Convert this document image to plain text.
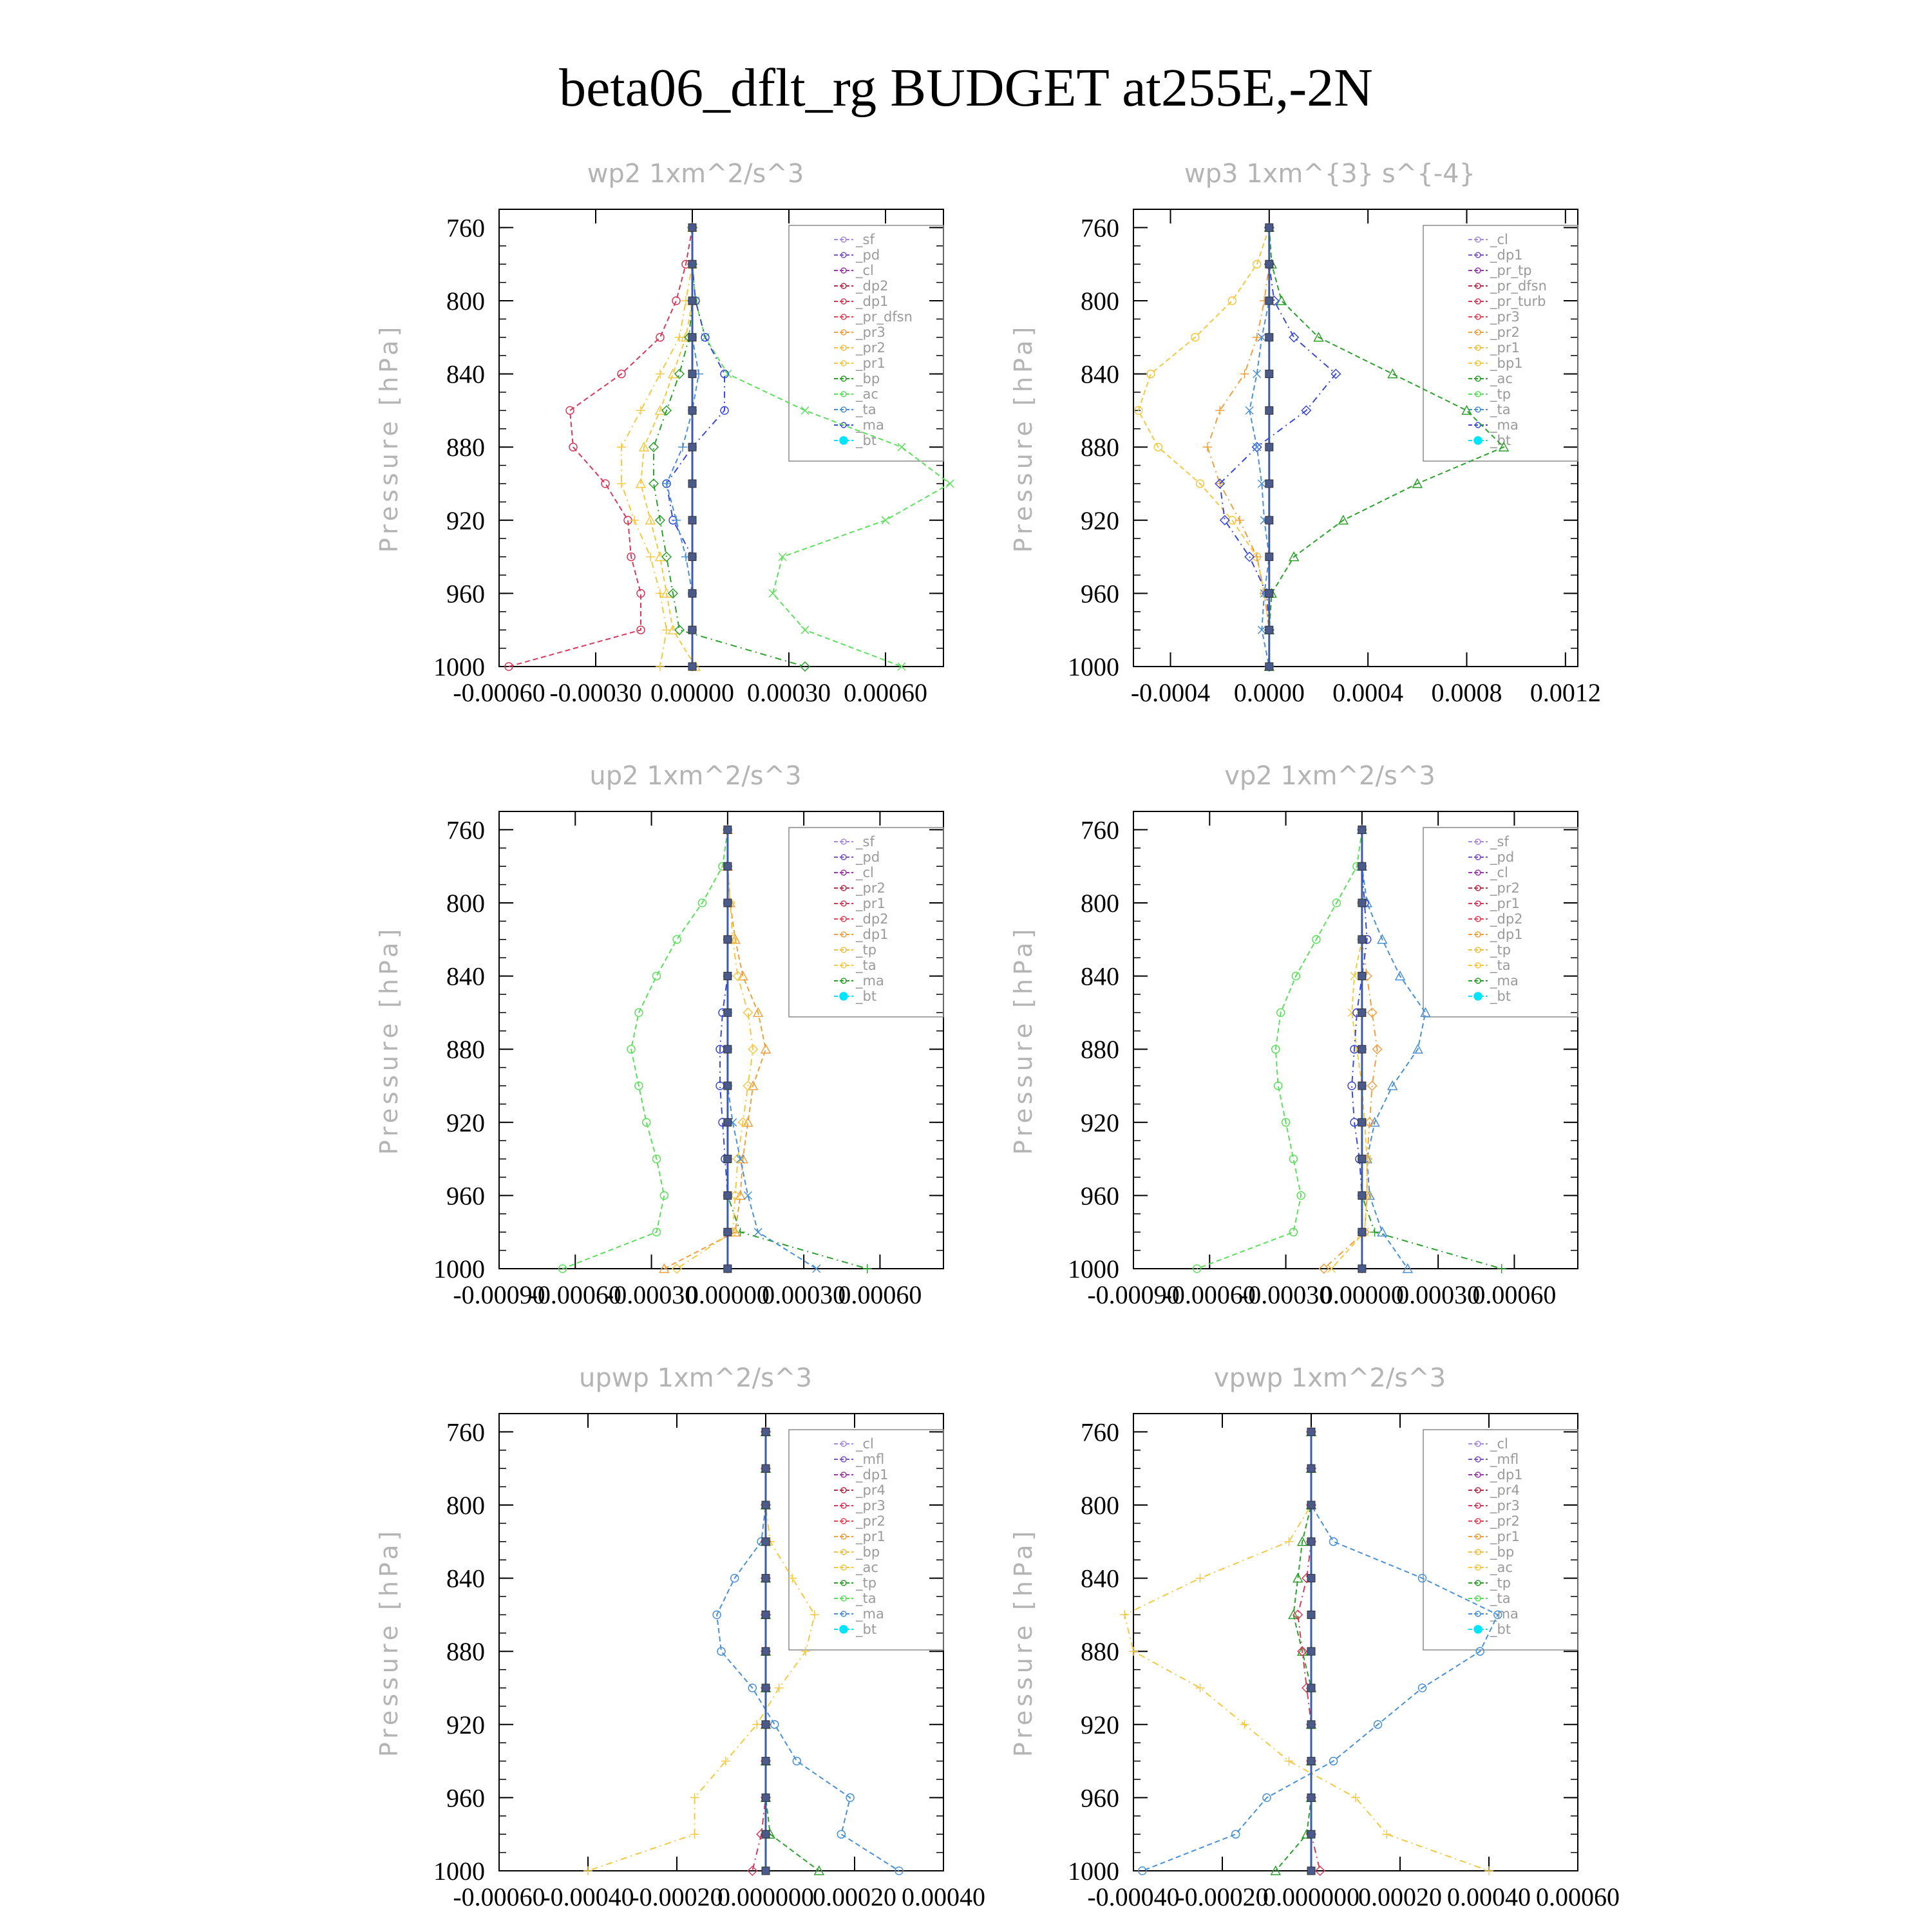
beta06_dflt_rg BUDGET at255E,-2N
wp2 1xm^2/s^3
Pressure [hPa]
760
800
840
880
920
960
1000
-0.00060 -0.00030 0.00000 0.00030 0.00060
_sf
_pd
_cl
_dp2
_dp1
_pr_dfsn
_pr3
_pr2
_pr1
_bp
_ac
_ta
_ma
_bt
wp3 1xm^{3} s^{-4}
Pressure [hPa]
760
800
840
880
920
960
1000
-0.0004 0.0000 0.0004 0.0008 0.0012
_cl
_dp1
_pr_tp
_pr_dfsn
_pr_turb
_pr3
_pr2
_pr1
_bp1
_ac
_tp
_ta
_ma
_bt
up2 1xm^2/s^3
Pressure [hPa]
760
800
840
880
920
960
1000
-0.00090
-0.00060
-0.00030
0.00000
0.00030
0.00060
_sf
_pd
_cl
_pr2
_pr1
_dp2
_dp1
_tp
_ta
_ma
_bt
vp2 1xm^2/s^3
Pressure [hPa]
760
800
840
880
920
960
1000
-0.00090
-0.00060
-0.00030
0.00000
0.00030
0.00060
_sf
_pd
_cl
_pr2
_pr1
_dp2
_dp1
_tp
_ta
_ma
_bt
upwp 1xm^2/s^3
Pressure [hPa]
760
800
840
880
920
960
1000
-0.00060
-0.00040
-0.00020
0.000000
0.00020 0.00040
_cl
_mfl
_dp1
_pr4
_pr3
_pr2
_pr1
_bp
_ac
_tp
_ta
_ma
_bt
vpwp 1xm^2/s^3
Pressure [hPa]
760
800
840
880
920
960
1000
-0.00040
-0.00020
0.000000
0.00020 0.00040 0.00060
_cl
_mfl
_dp1
_pr4
_pr3
_pr2
_pr1
_bp
_ac
_tp
_ta
_ma
_bt
